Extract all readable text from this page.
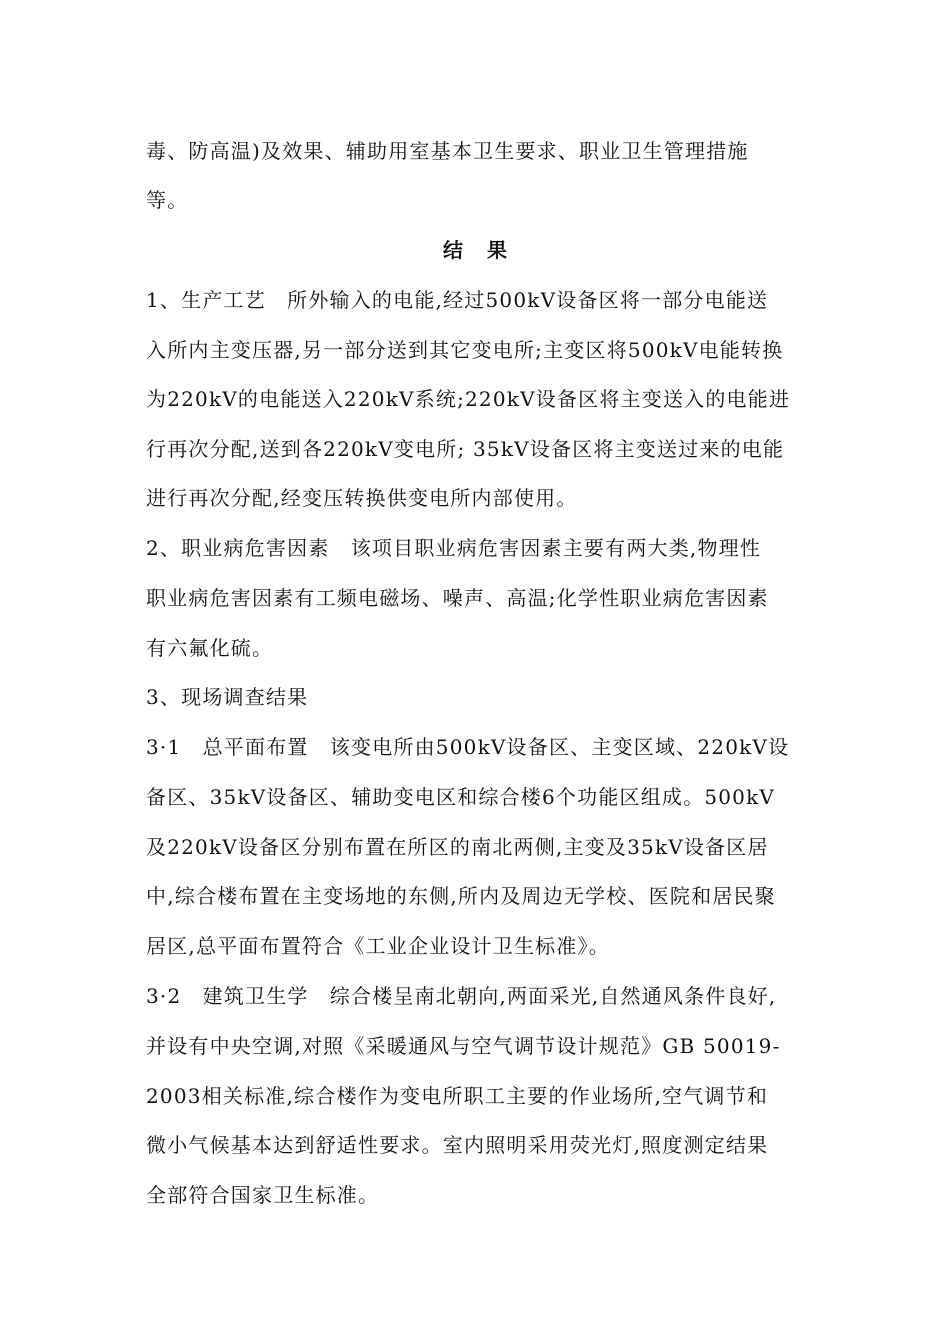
毒、防高温)及效果、辅助用室基本卫生要求、职业卫生管理措施
等。
结果
1、生产工艺　所外输入的电能,经过500kV设备区将一部分电能送
入所内主变压器,另一部分送到其它变电所;主变区将500kV电能转换
为220kV的电能送入220kV系统;220kV设备区将主变送入的电能进
行再次分配,送到各220kV变电所; 35kV设备区将主变送过来的电能
进行再次分配,经变压转换供变电所内部使用。
2、职业病危害因素　该项目职业病危害因素主要有两大类,物理性
职业病危害因素有工频电磁场、噪声、高温;化学性职业病危害因素
有六氟化硫。
3、现场调查结果
3·1　总平面布置　该变电所由500kV设备区、主变区域、220kV设
备区、35kV设备区、辅助变电区和综合楼6个功能区组成。500kV
及220kV设备区分别布置在所区的南北两侧,主变及35kV设备区居
中,综合楼布置在主变场地的东侧,所内及周边无学校、医院和居民聚
居区,总平面布置符合《工业企业设计卫生标准》。
3·2　建筑卫生学　综合楼呈南北朝向,两面采光,自然通风条件良好,
并设有中央空调,对照《采暖通风与空气调节设计规范》GB 50019-
2003相关标准,综合楼作为变电所职工主要的作业场所,空气调节和
微小气候基本达到舒适性要求。室内照明采用荧光灯,照度测定结果
全部符合国家卫生标准。
